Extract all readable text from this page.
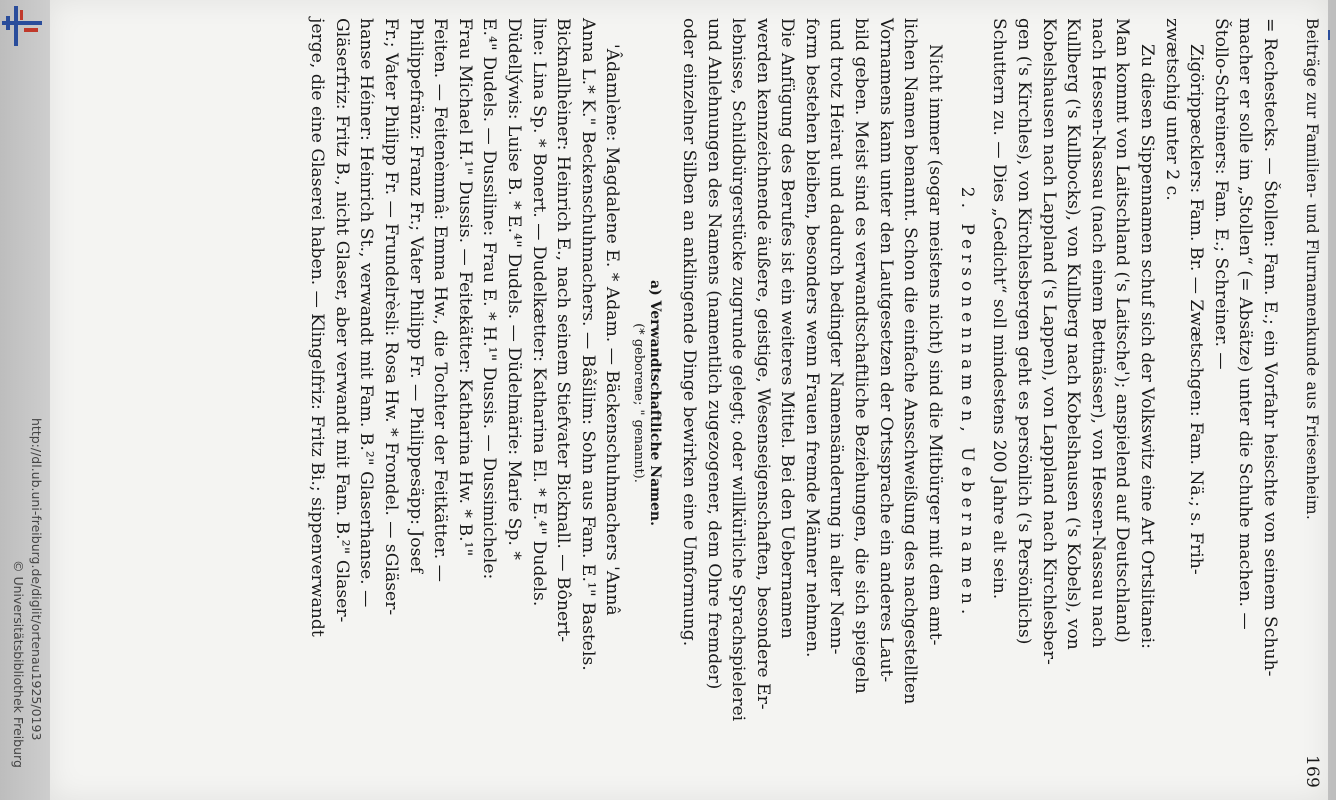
http://dl.ub.uni-freiburg.de/diglit/ortenau1925/0193
© Universitätsbibliothek Freiburg
Beiträge zur Familien- und Flurnamenkunde aus Friesenheim.
169
= Rechestecks. — Štollen: Fam. E.; ein Vorfahr heischte von seinem Schuh-
macher er solle im „Stollen“ (= Absätze) unter die Schuhe machen. —
Štollo-Schreiners: Fam. E.; Schreiner. —
Zigörippæcklers: Fam. Br. — Zwætschgen: Fam. Nä.; s. Frih-
zwætschig unter 2 c.
Zu diesen Sippennamen schuf sich der Volkswitz eine Art Ortslitanei:
Man kommt von Laitschland ('s Laitsche'); anspielend auf Deutschland)
nach Hessen-Nassau (nach einem Bettnässer), von Hessen-Nassau nach
Kullberg ('s Kullbocks), von Kullberg nach Kobelshausen ('s Kobels), von
Kobelshausen nach Lappland ('s Lappen), von Lappland nach Kirchlesber-
gen ('s Kirchles), von Kirchlesbergen geht es persönlich ('s Persönlichs)
Schuttern zu. — Dies „Gedicht“ soll mindestens 200 Jahre alt sein.
2. Personennamen, Uebernamen.
Nicht immer (sogar meistens nicht) sind die Mitbürger mit dem amt-
lichen Namen benannt. Schon die einfache Ansschweißung des nachgestellten
Vornamens kann unter den Lautgesetzen der Ortssprache ein anderes Laut-
bild geben. Meist sind es verwandtschaftliche Beziehungen, die sich spiegeln
und trotz Heirat und dadurch bedingter Namensänderung in alter Nenn-
form bestehen bleiben, besonders wenn Frauen fremde Männer nehmen.
Die Anfügung des Berufes ist ein weiteres Mittel. Bei den Uebernamen
werden kennzeichnende äußere, geistige, Wesenseigenschaften, besondere Er-
lebnisse, Schildbürgerstücke zugrunde gelegt; oder willkürliche Sprachspielerei
und Anlehnungen des Namens (namentlich zugezogener, dem Ohre fremder)
oder einzelner Silben an anklingende Dinge bewirken eine Umformung.
a) Verwandtschaftliche Namen.
(* geborene; " genannt).
'Âdamlène: Magdalene E. * Adam. — Bäckenschuhmachers 'Annâ
Anna L.* K." Beckenschuhmachers. — Bâšilim: Sohn aus Fam. E.¹" Bastels.
Bicknallhèiner: Heinrich E., nach seinem Stiefvater Bicknall. — Bônert-
line: Lina Sp. * Bonert. — Dudelkætter: Katharina El. * E.⁴" Dudels.
Düdellýwis: Luise B. * E.⁴" Dudels. — Düdelmärie: Marie Sp. *
E.⁴" Dudels. — Dussiline: Frau E. * H.¹" Dussis. — Dussimichele:
Frau Michael H.¹" Dussis. — Feitekätter: Katharina Hw. * B.¹"
Feiten. — Feitenèmmâ: Emma Hw., die Tochter der Feitkätter. —
Philippefränz: Franz Fr.; Vater Philipp Fr. — Philippesäpp: Josef
Fr.; Vater Philipp Fr. — Frundelrèsli: Rosa Hw. * Frondel. — sGläser-
hanse Héiner: Heinrich St., verwandt mit Fam. B.²" Glaserhanse. —
Gläserfriz: Fritz B., nicht Glaser, aber verwandt mit Fam. B.²" Glaser-
jerge, die eine Glaserei haben. — Klingelfriz: Fritz Bi.; sippenverwandt
